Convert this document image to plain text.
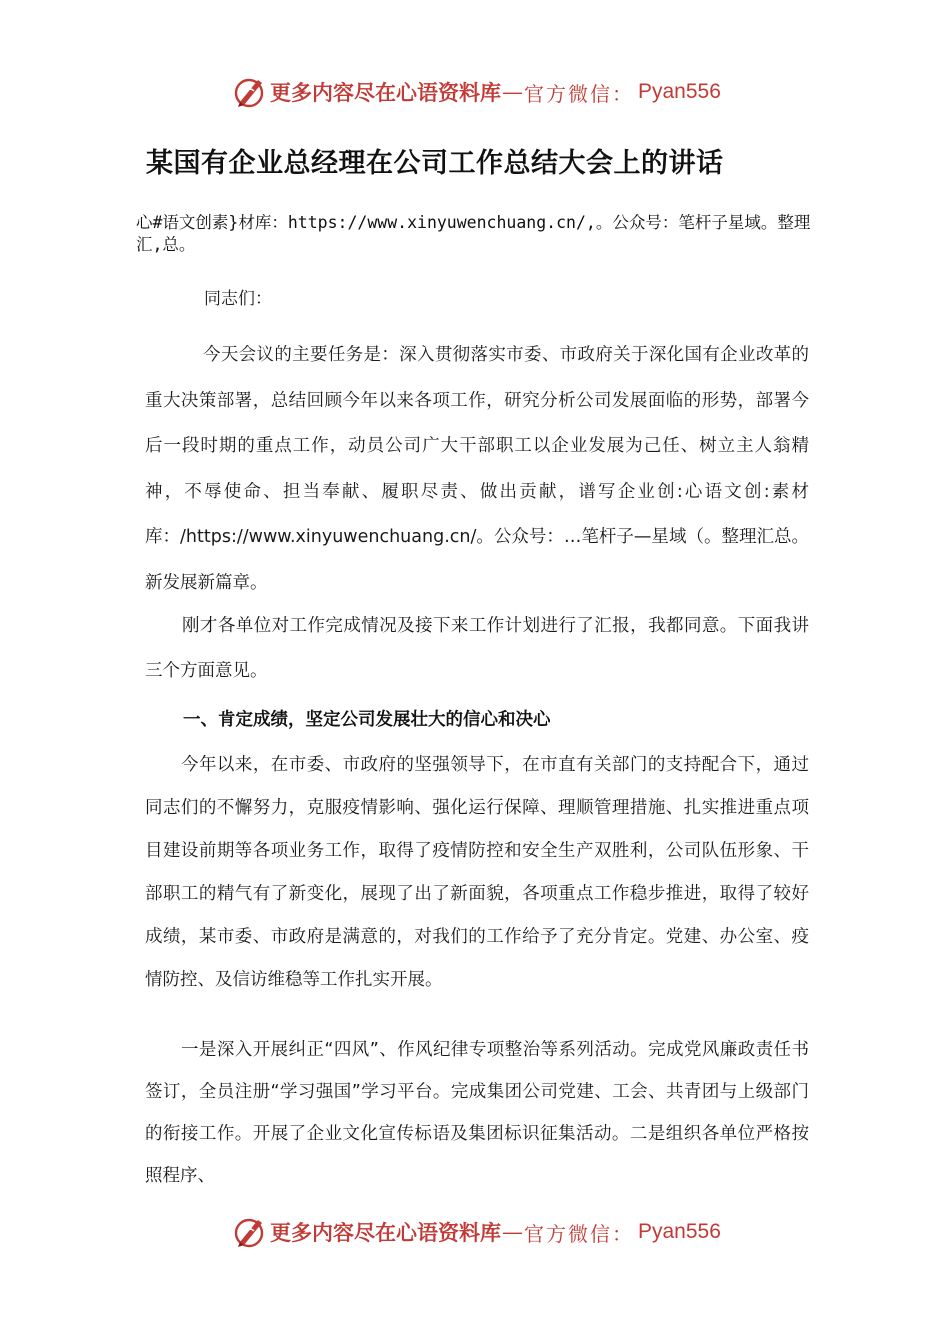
更多内容尽在心语资料库 — 官方微信： Pyan556
某国有企业总经理在公司工作总结大会上的讲话
心#语文创素}材库：https://www.xinyuwenchuang.cn/,。公众号：笔杆子星域。整理汇,总。
同志们：

今天会议的主要任务是：深入贯彻落实市委、市政府关于深化国有企业改革的重大决策部署，总结回顾今年以来各项工作，研究分析公司发展面临的形势，部署今后一段时期的重点工作，动员公司广大干部职工以企业发展为己任、树立主人翁精神，不辱使命、担当奉献、履职尽责、做出贡献，谱写企业创:心语文创:素材库：/https://www.xinyuwenchuang.cn/。公众号：…笔杆子—星域（。整理汇总。新发展新篇章。

刚才各单位对工作完成情况及接下来工作计划进行了汇报，我都同意。下面我讲三个方面意见。

一、肯定成绩，坚定公司发展壮大的信心和决心

今年以来，在市委、市政府的坚强领导下，在市直有关部门的支持配合下，通过同志们的不懈努力，克服疫情影响、强化运行保障、理顺管理措施、扎实推进重点项目建设前期等各项业务工作，取得了疫情防控和安全生产双胜利，公司队伍形象、干部职工的精气有了新变化，展现了出了新面貌，各项重点工作稳步推进，取得了较好成绩，某市委、市政府是满意的，对我们的工作给予了充分肯定。党建、办公室、疫情防控、及信访维稳等工作扎实开展。

一是深入开展纠正“四风”、作风纪律专项整治等系列活动。完成党风廉政责任书签订，全员注册“学习强国”学习平台。完成集团公司党建、工会、共青团与上级部门的衔接工作。开展了企业文化宣传标语及集团标识征集活动。二是组织各单位严格按照程序、

更多内容尽在心语资料库 — 官方微信： Pyan556
